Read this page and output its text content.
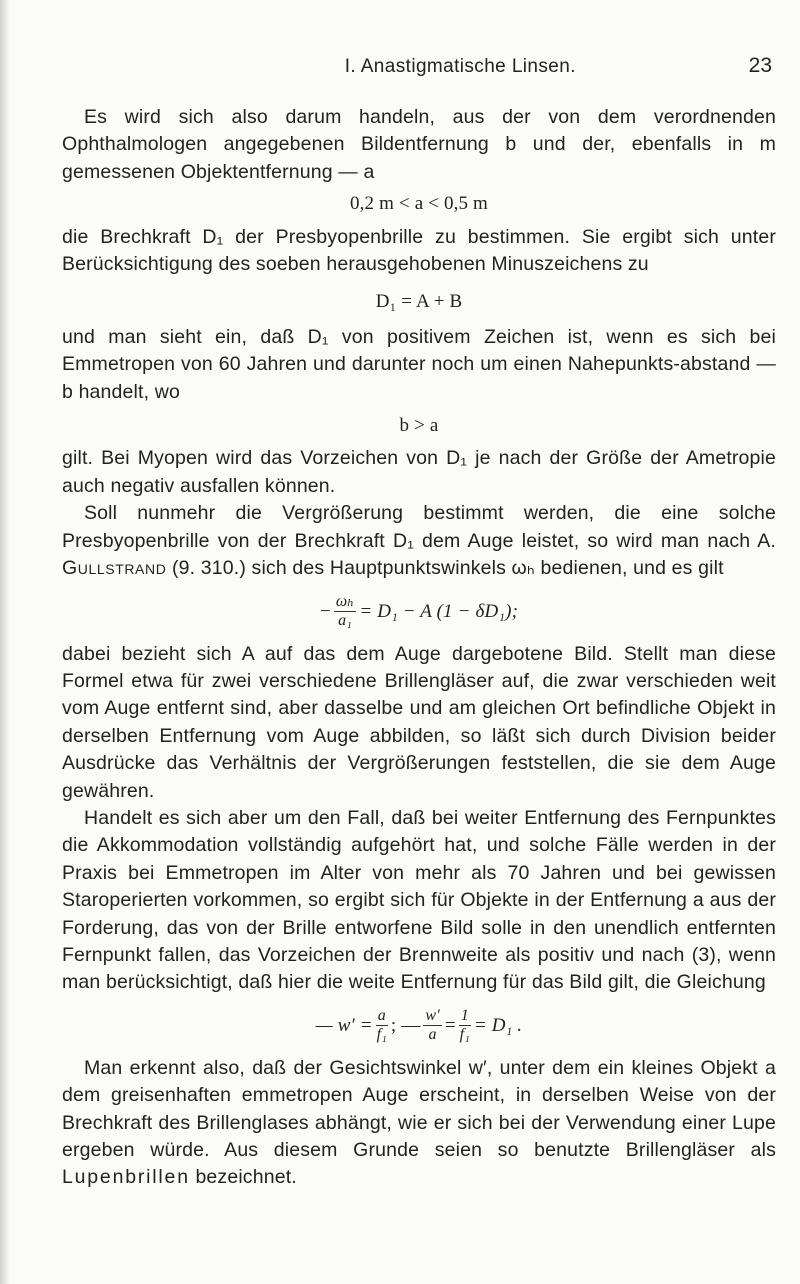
I. Anastigmatische Linsen.	23

Es wird sich also darum handeln, aus der von dem verordnenden Ophthalmologen angegebenen Bildentfernung b und der, ebenfalls in m gemessenen Objektentfernung — a

0,2 m < a < 0,5 m

die Brechkraft D₁ der Presbyopenbrille zu bestimmen. Sie ergibt sich unter Berücksichtigung des soeben herausgehobenen Minuszeichens zu

D₁ = A + B

und man sieht ein, daß D₁ von positivem Zeichen ist, wenn es sich bei Emmetropen von 60 Jahren und darunter noch um einen Nahepunkts-abstand — b handelt, wo

b > a

gilt. Bei Myopen wird das Vorzeichen von D₁ je nach der Größe der Ametropie auch negativ ausfallen können.

Soll nunmehr die Vergrößerung bestimmt werden, die eine solche Presbyopenbrille von der Brechkraft D₁ dem Auge leistet, so wird man nach A. Gullstrand (9. 310.) sich des Hauptpunktswinkels ωₕ bedienen, und es gilt

− $\frac{\text{ωₕ}}{\text{a₁}} = D_1 - A$ (1 − δD₁);

dabei bezieht sich A auf das dem Auge dargebotene Bild. Stellt man diese Formel etwa für zwei verschiedene Brillengläser auf, die zwar verschieden weit vom Auge entfernt sind, aber dasselbe und am gleichen Ort befindliche Objekt in derselben Entfernung vom Auge abbilden, so läßt sich durch Division beider Ausdrücke das Verhältnis der Vergrößerungen feststellen, die sie dem Auge gewähren.

Handelt es sich aber um den Fall, daß bei weiter Entfernung des Fernpunktes die Akkommodation vollständig aufgehört hat, und solche Fälle werden in der Praxis bei Emmetropen im Alter von mehr als 70 Jahren und bei gewissen Staroperierten vorkommen, so ergibt sich für Objekte in der Entfernung a aus der Forderung, das von der Brille entworfene Bild solle in den unendlich entfernten Fernpunkt fallen, das Vorzeichen der Brennweite als positiv und nach (3), wenn man berücksichtigt, daß hier die weite Entfernung für das Bild gilt, die Gleichung

— $w' = \frac{a}{\text{f₁}}$ ; — $\frac{w'}{a} = \frac{1}{\text{f₁}} = D_1$ .

Man erkennt also, daß der Gesichtswinkel w′, unter dem ein kleines Objekt a dem greisenhaften emmetropen Auge erscheint, in derselben Weise von der Brechkraft des Brillenglases abhängt, wie er sich bei der Verwendung einer Lupe ergeben würde. Aus diesem Grunde seien so benutzte Brillengläser als Lupenbrillen bezeichnet.
